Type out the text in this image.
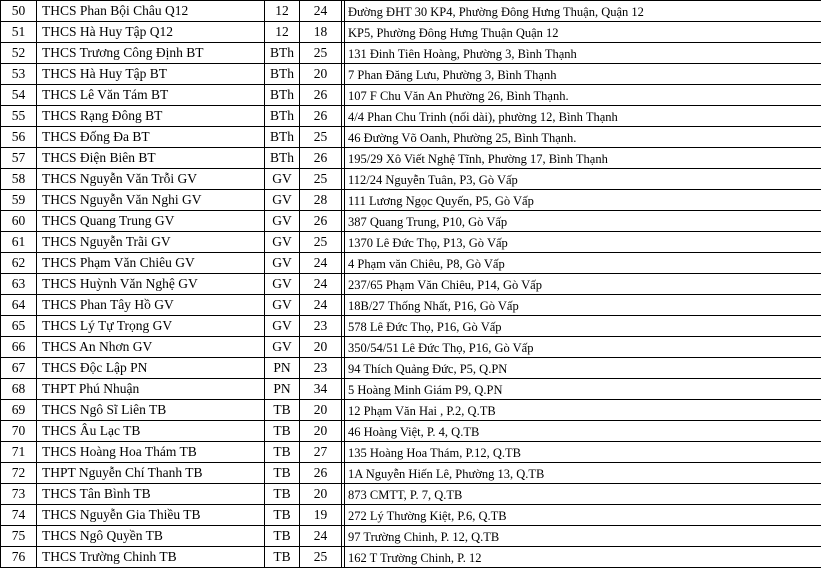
50	THCS Phan Bội Châu Q12	12	24		Đường ĐHT 30 KP4, Phường Đông Hưng Thuận, Quận 12
51	THCS Hà Huy Tập Q12	12	18		KP5, Phường Đông Hưng Thuận Quận 12
52	THCS Trương Công Định BT	BTh	25		131 Đinh Tiên Hoàng, Phường 3, Bình Thạnh
53	THCS Hà Huy Tập BT	BTh	20		7 Phan Đăng Lưu, Phường 3, Bình Thạnh
54	THCS Lê Văn Tám BT	BTh	26		107 F Chu Văn An Phường 26, Bình Thạnh.
55	THCS Rạng Đông BT	BTh	26		4/4 Phan Chu Trinh (nối dài), phường 12, Bình Thạnh
56	THCS Đống Đa BT	BTh	25		46 Đường Võ Oanh, Phường 25, Bình Thạnh.
57	THCS Điện Biên BT	BTh	26		195/29 Xô Viết Nghệ Tĩnh, Phường 17, Bình Thạnh
58	THCS Nguyễn Văn Trỗi GV	GV	25		112/24 Nguyễn Tuân, P3, Gò Vấp
59	THCS Nguyễn Văn Nghi GV	GV	28		111 Lương Ngọc Quyến, P5, Gò Vấp
60	THCS Quang Trung GV	GV	26		387 Quang Trung, P10, Gò Vấp
61	THCS Nguyễn Trãi GV	GV	25		1370 Lê Đức Thọ, P13, Gò Vấp
62	THCS Phạm Văn Chiêu GV	GV	24		4 Phạm văn Chiêu, P8, Gò Vấp
63	THCS Huỳnh Văn Nghệ GV	GV	24		237/65 Phạm Văn Chiêu, P14, Gò Vấp
64	THCS Phan Tây Hồ GV	GV	24		18B/27 Thống Nhất, P16, Gò Vấp
65	THCS Lý Tự Trọng GV	GV	23		578 Lê Đức Thọ, P16, Gò Vấp
66	THCS An Nhơn GV	GV	20		350/54/51 Lê Đức Thọ, P16, Gò Vấp
67	THCS Độc Lập PN	PN	23		94 Thích Quảng Đức, P5, Q.PN
68	THPT Phú Nhuận	PN	34		5 Hoàng Minh Giám P9, Q.PN
69	THCS Ngô Sĩ Liên TB	TB	20		12 Phạm Văn Hai , P.2, Q.TB
70	THCS Âu Lạc TB	TB	20		46 Hoàng Việt, P. 4, Q.TB
71	THCS Hoàng Hoa Thám TB	TB	27		135 Hoàng Hoa Thám, P.12, Q.TB
72	THPT Nguyễn Chí Thanh TB	TB	26		1A Nguyễn Hiến Lê, Phường 13, Q.TB
73	THCS Tân Bình TB	TB	20		873 CMTT, P. 7, Q.TB
74	THCS Nguyễn Gia Thiều TB	TB	19		272 Lý Thường Kiệt, P.6, Q.TB
75	THCS Ngô Quyền TB	TB	24		97 Trường Chinh, P. 12, Q.TB
76	THCS Trường Chinh TB	TB	25		162 T Trường Chinh, P. 12
